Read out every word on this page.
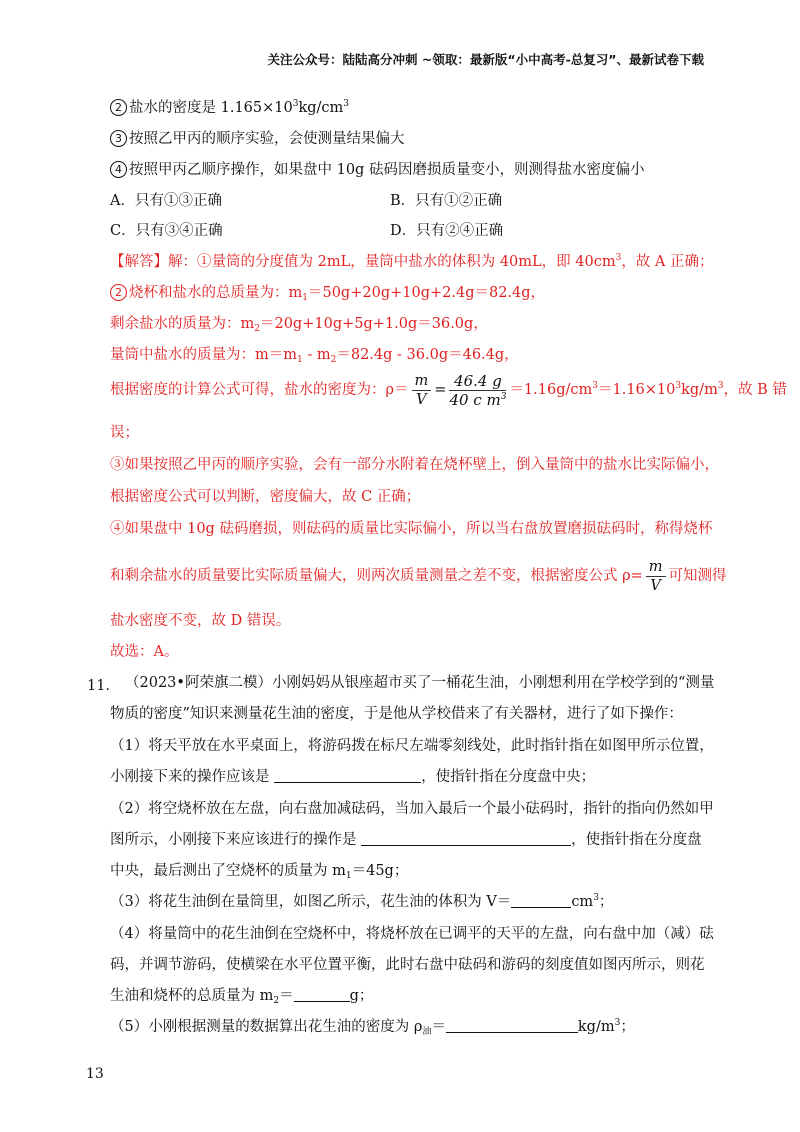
关注公众号：陆陆高分冲刺 ~领取：最新版“小中高考-总复习”、最新试卷下载
2 盐水的密度是 $1.165\times 10^3kg/cm^3$
3 按照乙甲丙的顺序实验，会使测量结果偏大
4 按照甲丙乙顺序操作，如果盘中 10g 砝码因磨损质量变小，则测得盐水密度偏小
A．只有①③正确	B．只有①②正确
C．只有③④正确	D．只有②④正确
【解答】解：①量筒的分度值为 2mL，量筒中盐水的体积为 40mL，即 $40cm^3$，故 A 正确；
2 烧杯和盐水的总质量为：$m_1=50g+20g+10g+2.4g=82.4g$，
剩余盐水的质量为：$m_2=20g+10g+5g+1.0g=36.0g$，
量筒中盐水的质量为：$m=m_1 - m_2=82.4g - 36.0g=46.4g$，
根据密度的计算公式可得，盐水的密度为：$\rho= \frac{m}{V} = \frac{46.4 g}{40 c m^3} =1.16g/cm^3=1.16\times 10^3kg/m^3$，故 B 错
误；
③如果按照乙甲丙的顺序实验，会有一部分水附着在烧杯壁上，倒入量筒中的盐水比实际偏小，
根据密度公式可以判断，密度偏大，故 C 正确；
④如果盘中 10g 砝码磨损，则砝码的质量比实际偏小，所以当右盘放置磨损砝码时，称得烧杯
和剩余盐水的质量要比实际质量偏大，则两次质量测量之差不变，根据密度公式 $\rho= \frac{m}{V}$ 可知测得
盐水密度不变，故 D 错误。
故选：A。
11． （2023•阿荣旗二模）小刚妈妈从银座超市买了一桶花生油，小刚想利用在学校学到的“测量
物质的密度”知识来测量花生油的密度，于是他从学校借来了有关器材，进行了如下操作：
（1）将天平放在水平桌面上，将游码拨在标尺左端零刻线处，此时指针指在如图甲所示位置，
小刚接下来的操作应该是	，使指针指在分度盘中央；
（2）将空烧杯放在左盘，向右盘加减砝码，当加入最后一个最小砝码时，指针的指向仍然如甲
图所示，小刚接下来应该进行的操作是	，使指针指在分度盘
中央，最后测出了空烧杯的质量为 $m_1=45g$；
（3）将花生油倒在量筒里，如图乙所示，花生油的体积为 V＝	$cm^3$；
（4）将量筒中的花生油倒在空烧杯中，将烧杯放在已调平的天平的左盘，向右盘中加（减）砝
码，并调节游码，使横梁在水平位置平衡，此时右盘中砝码和游码的刻度值如图丙所示，则花
生油和烧杯的总质量为 $m_2=$	g；
（5）小刚根据测量的数据算出花生油的密度为 $\rho_油=$	$kg/m^3$；
13
